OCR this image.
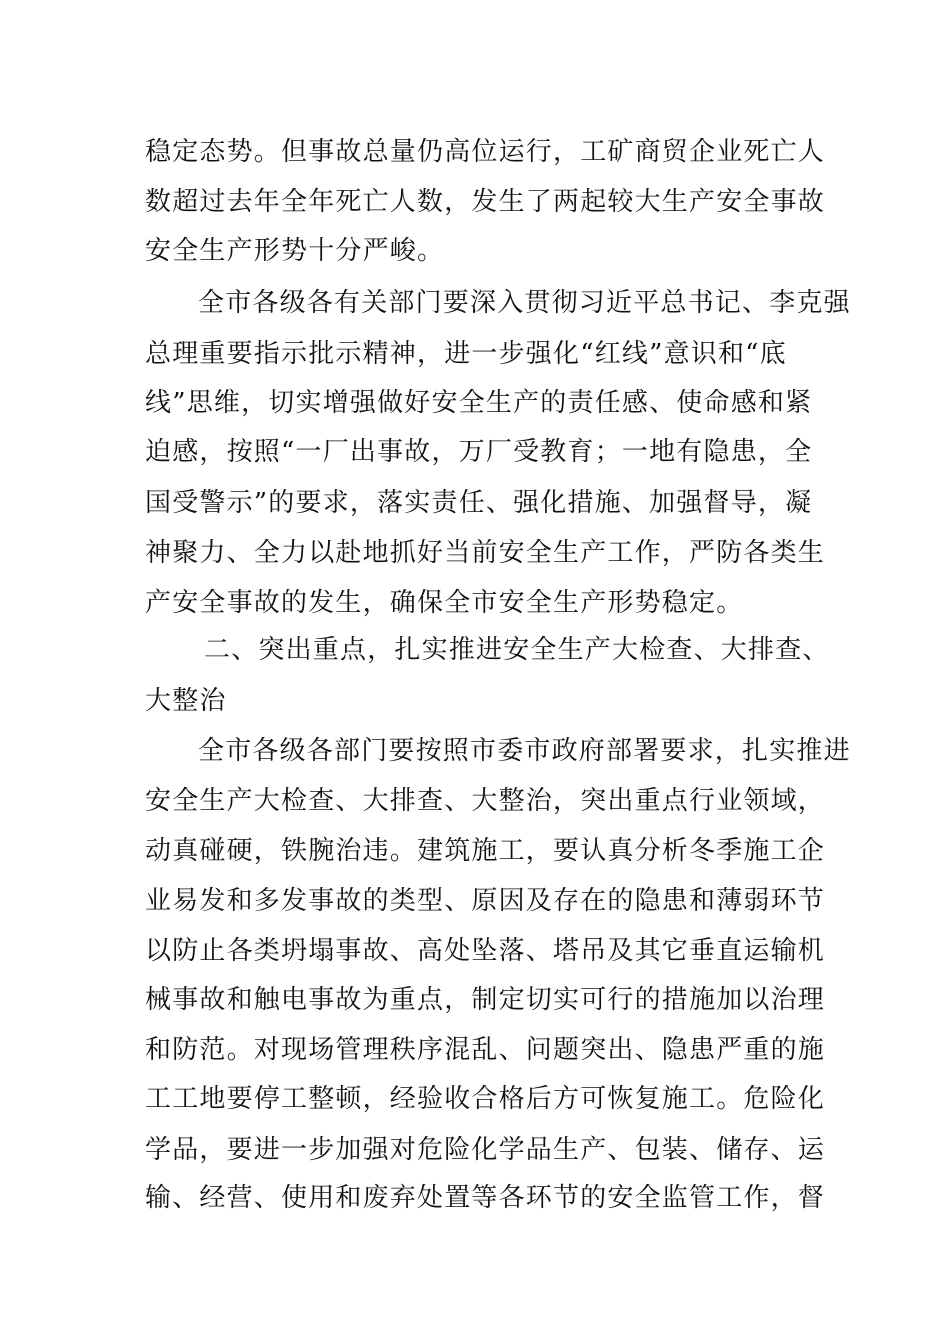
稳定态势。但事故总量仍高位运行，工矿商贸企业死亡人
数超过去年全年死亡人数，发生了两起较大生产安全事故
安全生产形势十分严峻。
全市各级各有关部门要深入贯彻习近平总书记、李克强
总理重要指示批示精神，进一步强化“红线”意识和“底
线”思维，切实增强做好安全生产的责任感、使命感和紧
迫感，按照“一厂出事故，万厂受教育；一地有隐患，全
国受警示”的要求，落实责任、强化措施、加强督导，凝
神聚力、全力以赴地抓好当前安全生产工作，严防各类生
产安全事故的发生，确保全市安全生产形势稳定。
二、突出重点，扎实推进安全生产大检查、大排查、
大整治
全市各级各部门要按照市委市政府部署要求，扎实推进
安全生产大检查、大排查、大整治，突出重点行业领域，
动真碰硬，铁腕治违。建筑施工，要认真分析冬季施工企
业易发和多发事故的类型、原因及存在的隐患和薄弱环节
以防止各类坍塌事故、高处坠落、塔吊及其它垂直运输机
械事故和触电事故为重点，制定切实可行的措施加以治理
和防范。对现场管理秩序混乱、问题突出、隐患严重的施
工工地要停工整顿，经验收合格后方可恢复施工。危险化
学品，要进一步加强对危险化学品生产、包装、储存、运
输、经营、使用和废弃处置等各环节的安全监管工作，督
